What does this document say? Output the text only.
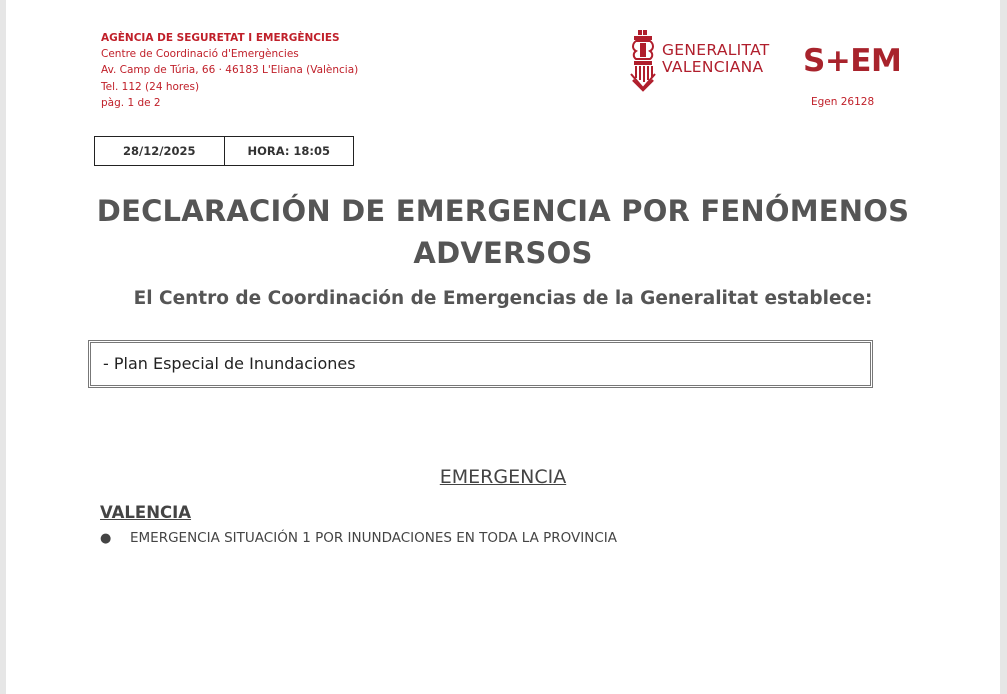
AGÈNCIA DE SEGURETAT I EMERGÈNCIES
Centre de Coordinació d'Emergències
Av. Camp de Túria, 66 · 46183 L'Eliana (València)
Tel. 112 (24 hores)
pàg. 1 de 2
GENERALITAT
VALENCIANA S+EM
Egen 26128
28/12/2025	HORA: 18:05
DECLARACIÓN DE EMERGENCIA POR FENÓMENOS
ADVERSOS
El Centro de Coordinación de Emergencias de la Generalitat establece:
- Plan Especial de Inundaciones
EMERGENCIA
VALENCIA
●	EMERGENCIA SITUACIÓN 1 POR INUNDACIONES EN TODA LA PROVINCIA
